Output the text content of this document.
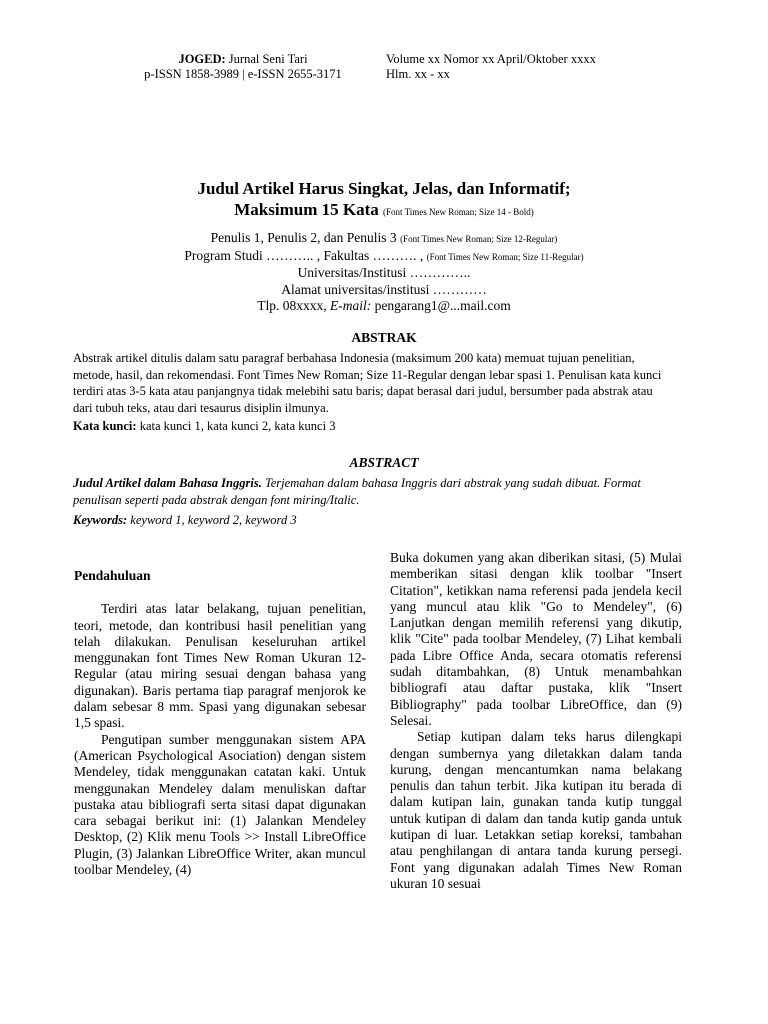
JOGED: Jurnal Seni Tari
p-ISSN 1858-3989 | e-ISSN 2655-3171
Volume xx Nomor xx April/Oktober xxxx
Hlm. xx - xx
Judul Artikel Harus Singkat, Jelas, dan Informatif;
Maksimum 15 Kata (Font Times New Roman; Size 14 - Bold)
Penulis 1, Penulis 2, dan Penulis 3 (Font Times New Roman; Size 12-Regular)
Program Studi ……….. , Fakultas ………. , (Font Times New Roman; Size 11-Regular)
Universitas/Institusi …………..
Alamat universitas/institusi …………
Tlp. 08xxxx, E-mail: pengarang1@...mail.com
ABSTRAK
Abstrak artikel ditulis dalam satu paragraf berbahasa Indonesia (maksimum 200 kata) memuat tujuan penelitian, metode, hasil, dan rekomendasi. Font Times New Roman; Size 11-Regular dengan lebar spasi 1. Penulisan kata kunci terdiri atas 3-5 kata atau panjangnya tidak melebihi satu baris; dapat berasal dari judul, bersumber pada abstrak atau dari tubuh teks, atau dari tesaurus disiplin ilmunya.
Kata kunci: kata kunci 1, kata kunci 2, kata kunci 3
ABSTRACT
Judul Artikel dalam Bahasa Inggris. Terjemahan dalam bahasa Inggris dari abstrak yang sudah dibuat. Format penulisan seperti pada abstrak dengan font miring/Italic.
Keywords: keyword 1, keyword 2, keyword 3

Pendahuluan

Terdiri atas latar belakang, tujuan penelitian, teori, metode, dan kontribusi hasil penelitian yang telah dilakukan. Penulisan keseluruhan artikel menggunakan font Times New Roman Ukuran 12-Regular (atau miring sesuai dengan bahasa yang digunakan). Baris pertama tiap paragraf menjorok ke dalam sebesar 8 mm. Spasi yang digunakan sebesar 1,5 spasi.

Pengutipan sumber menggunakan sistem APA (American Psychological Asociation) dengan sistem Mendeley, tidak menggunakan catatan kaki. Untuk menggunakan Mendeley dalam menuliskan daftar pustaka atau bibliografi serta sitasi dapat digunakan cara sebagai berikut ini: (1) Jalankan Mendeley Desktop, (2) Klik menu Tools >> Install LibreOffice Plugin, (3) Jalankan LibreOffice Writer, akan muncul toolbar Mendeley, (4)

Buka dokumen yang akan diberikan sitasi, (5) Mulai memberikan sitasi dengan klik toolbar "Insert Citation", ketikkan nama referensi pada jendela kecil yang muncul atau klik "Go to Mendeley", (6) Lanjutkan dengan memilih referensi yang dikutip, klik "Cite" pada toolbar Mendeley, (7) Lihat kembali pada Libre Office Anda, secara otomatis referensi sudah ditambahkan, (8) Untuk menambahkan bibliografi atau daftar pustaka, klik "Insert Bibliography" pada toolbar LibreOffice, dan (9) Selesai.

Setiap kutipan dalam teks harus dilengkapi dengan sumbernya yang diletakkan dalam tanda kurung, dengan mencantumkan nama belakang penulis dan tahun terbit. Jika kutipan itu berada di dalam kutipan lain, gunakan tanda kutip tunggal untuk kutipan di dalam dan tanda kutip ganda untuk kutipan di luar. Letakkan setiap koreksi, tambahan atau penghilangan di antara tanda kurung persegi. Font yang digunakan adalah Times New Roman ukuran 10 sesuai
